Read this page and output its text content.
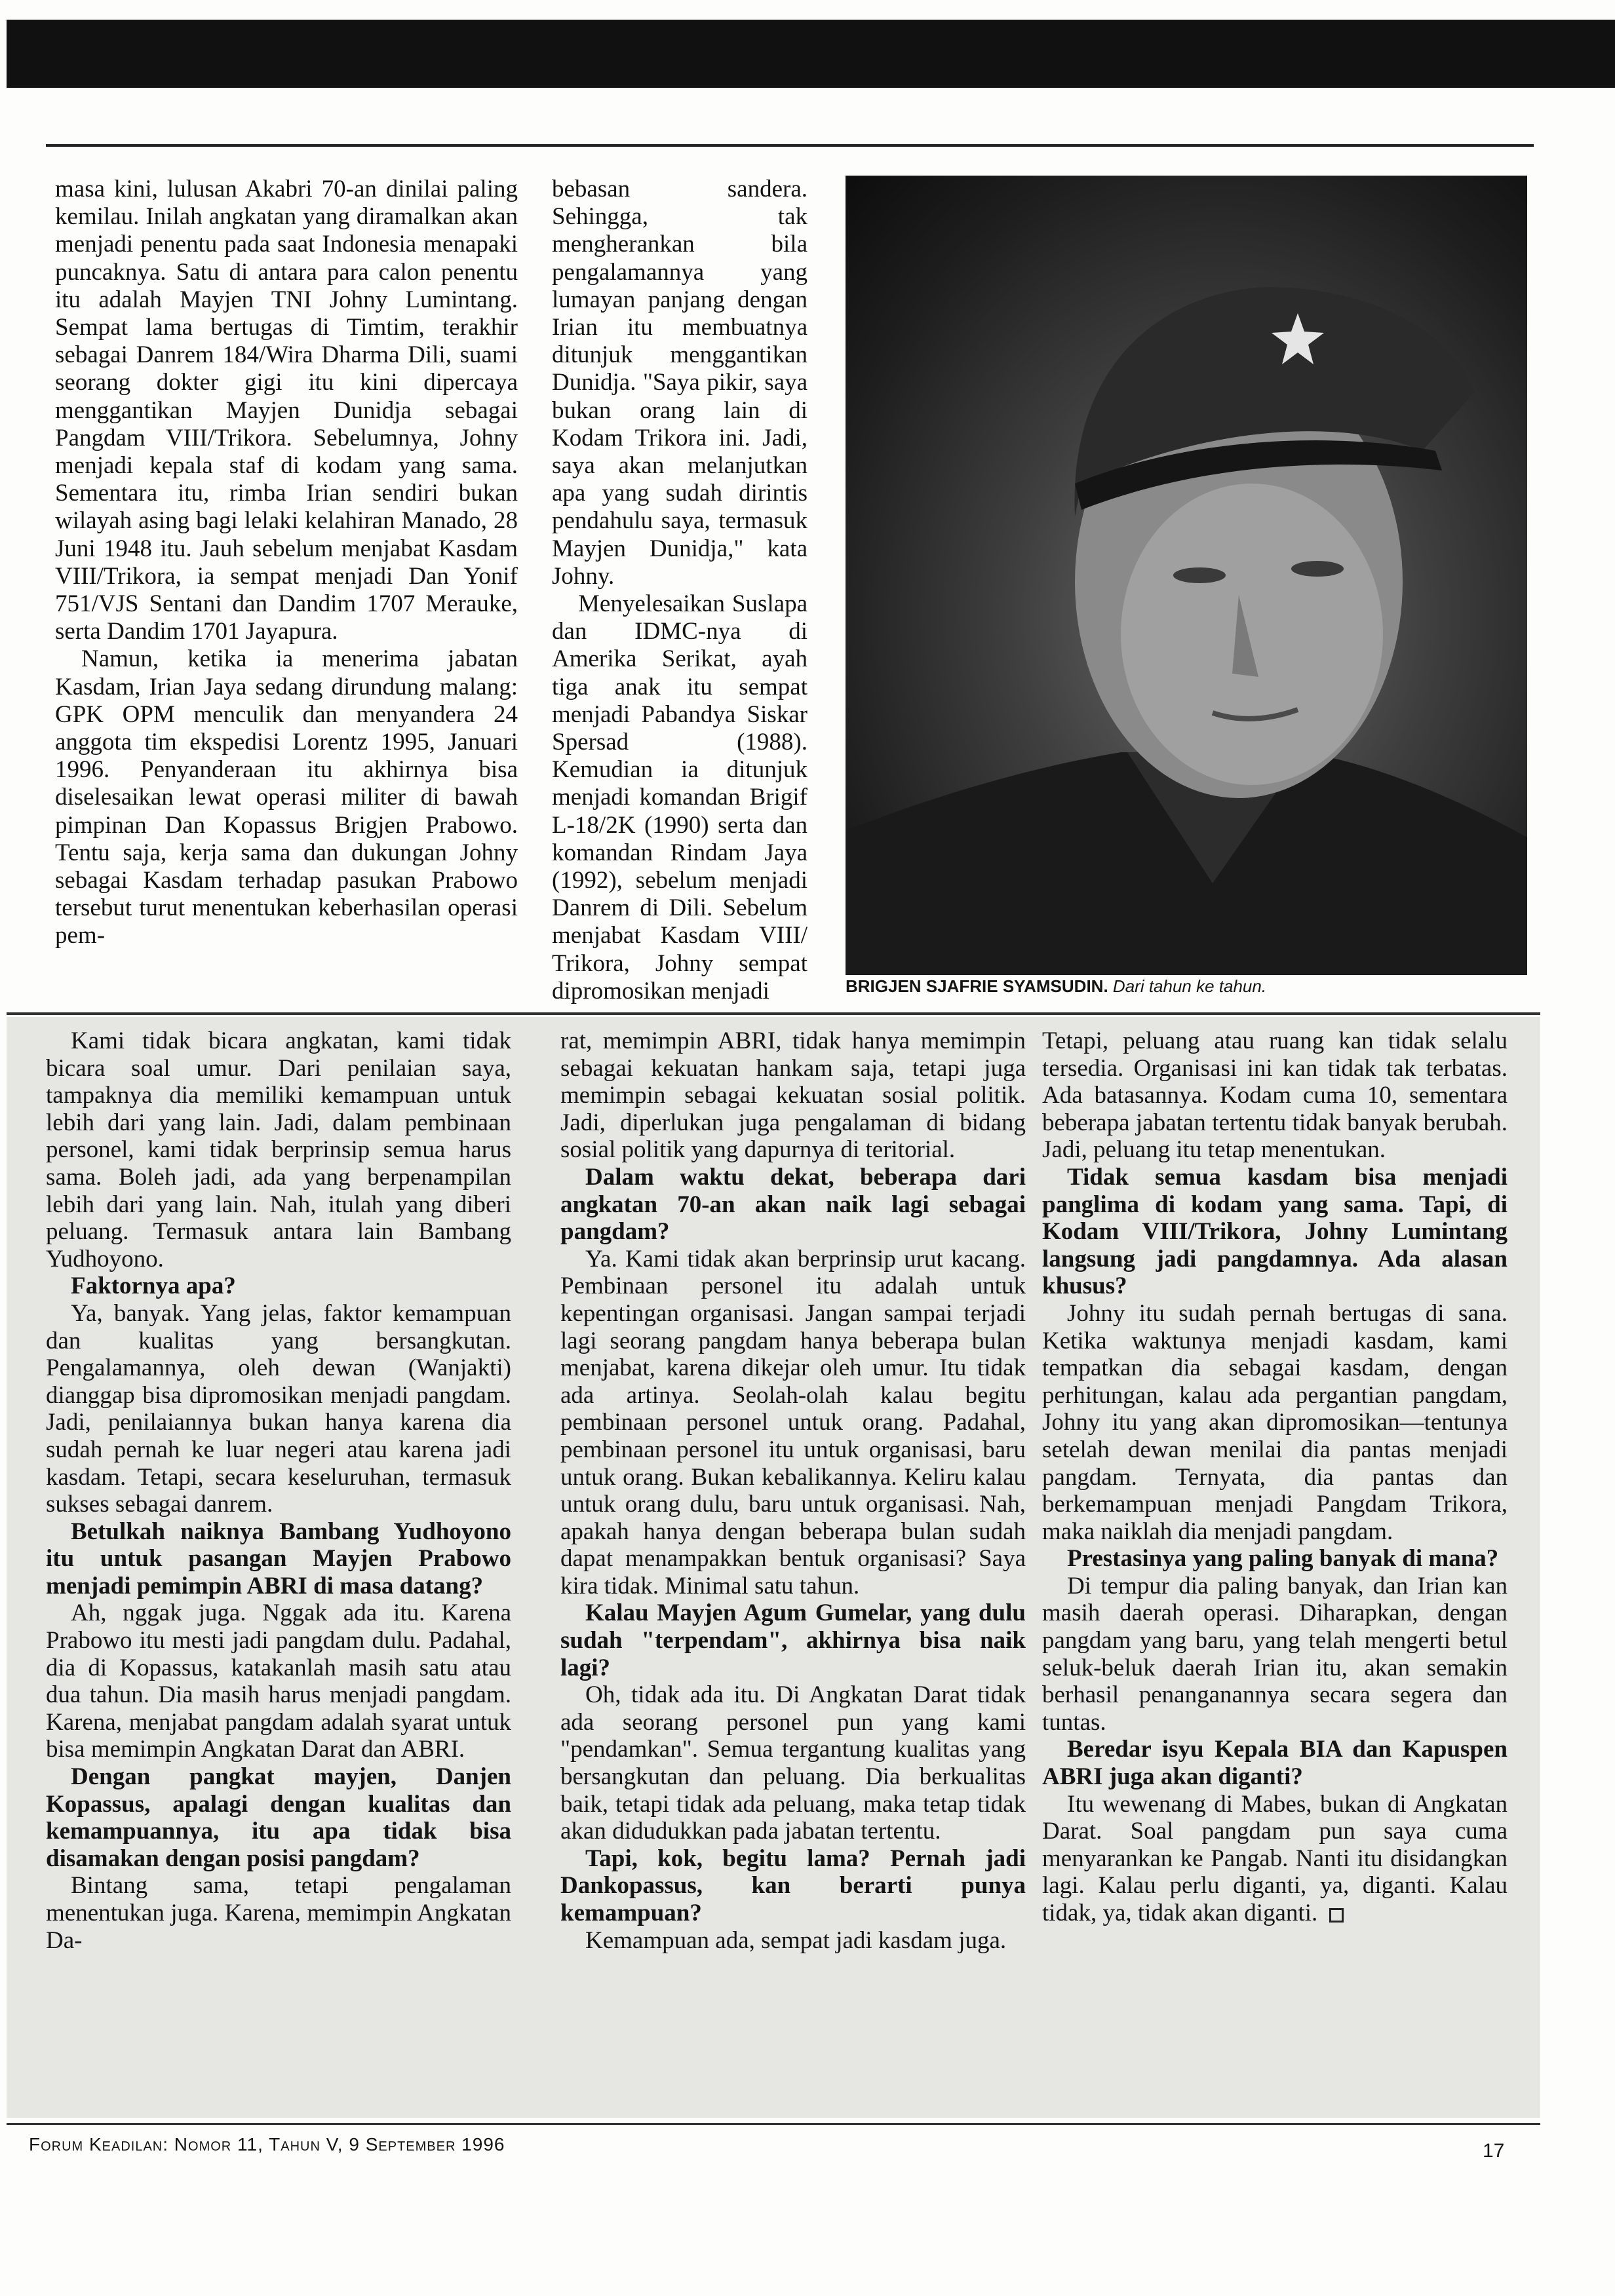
masa kini, lulusan Akabri 70-an dinilai paling kemilau. Inilah angkatan yang diramalkan akan menjadi penentu pada saat Indonesia menapaki puncaknya. Satu di antara para calon penentu itu adalah Mayjen TNI Johny Lumintang. Sempat lama bertugas di Timtim, terakhir sebagai Danrem 184/Wira Dharma Dili, suami seorang dokter gigi itu kini dipercaya menggantikan Mayjen Dunidja sebagai Pangdam VIII/Trikora. Sebelumnya, Johny menjadi kepala staf di kodam yang sama. Sementara itu, rimba Irian sendiri bukan wilayah asing bagi lelaki kelahiran Manado, 28 Juni 1948 itu. Jauh sebelum menjabat Kasdam VIII/Trikora, ia sempat menjadi Dan Yonif 751/VJS Sentani dan Dandim 1707 Merauke, serta Dandim 1701 Jayapura.

Namun, ketika ia menerima jabatan Kasdam, Irian Jaya sedang dirundung malang: GPK OPM menculik dan menyandera 24 anggota tim ekspedisi Lorentz 1995, Januari 1996. Penyanderaan itu akhirnya bisa diselesaikan lewat operasi militer di bawah pimpinan Dan Kopassus Brigjen Prabowo. Tentu saja, kerja sama dan dukungan Johny sebagai Kasdam terhadap pasukan Prabowo tersebut turut menentukan keberhasilan operasi pem-

bebasan sandera. Sehingga, tak mengherankan bila pengalamannya yang lumayan panjang dengan Irian itu membuatnya ditunjuk menggantikan Dunidja. "Saya pikir, saya bukan orang lain di Kodam Trikora ini. Jadi, saya akan melanjutkan apa yang sudah dirintis pendahulu saya, termasuk Mayjen Dunidja," kata Johny.

Menyelesaikan Suslapa dan IDMC-nya di Amerika Serikat, ayah tiga anak itu sempat menjadi Pabandya Siskar Spersad (1988). Kemudian ia ditunjuk menjadi komandan Brigif L-18/2K (1990) serta dan komandan Rindam Jaya (1992), sebelum menjadi Danrem di Dili. Sebelum menjabat Kasdam VIII/ Trikora, Johny sempat dipromosikan menjadi	BRIGJEN SJAFRIE SYAMSUDIN. Dari tahun ke tahun.

Kami tidak bicara angkatan, kami tidak bicara soal umur. Dari penilaian saya, tampaknya dia memiliki kemampuan untuk lebih dari yang lain. Jadi, dalam pembinaan personel, kami tidak berprinsip semua harus sama. Boleh jadi, ada yang berpenampilan lebih dari yang lain. Nah, itulah yang diberi peluang. Termasuk antara lain Bambang Yudhoyono.

Faktornya apa?

Ya, banyak. Yang jelas, faktor kemampuan dan kualitas yang bersangkutan. Pengalamannya, oleh dewan (Wanjakti) dianggap bisa dipromosikan menjadi pangdam. Jadi, penilaiannya bukan hanya karena dia sudah pernah ke luar negeri atau karena jadi kasdam. Tetapi, secara keseluruhan, termasuk sukses sebagai danrem.

Betulkah naiknya Bambang Yudhoyono itu untuk pasangan Mayjen Prabowo menjadi pemimpin ABRI di masa datang?

Ah, nggak juga. Nggak ada itu. Karena Prabowo itu mesti jadi pangdam dulu. Padahal, dia di Kopassus, katakanlah masih satu atau dua tahun. Dia masih harus menjadi pangdam. Karena, menjabat pangdam adalah syarat untuk bisa memimpin Angkatan Darat dan ABRI.

Dengan pangkat mayjen, Danjen Kopassus, apalagi dengan kualitas dan kemampuannya, itu apa tidak bisa disamakan dengan posisi pangdam?

Bintang sama, tetapi pengalaman menentukan juga. Karena, memimpin Angkatan Da-

rat, memimpin ABRI, tidak hanya memimpin sebagai kekuatan hankam saja, tetapi juga memimpin sebagai kekuatan sosial politik. Jadi, diperlukan juga pengalaman di bidang sosial politik yang dapurnya di teritorial.

Dalam waktu dekat, beberapa dari angkatan 70-an akan naik lagi sebagai pangdam?

Ya. Kami tidak akan berprinsip urut kacang. Pembinaan personel itu adalah untuk kepentingan organisasi. Jangan sampai terjadi lagi seorang pangdam hanya beberapa bulan menjabat, karena dikejar oleh umur. Itu tidak ada artinya. Seolah-olah kalau begitu pembinaan personel untuk orang. Padahal, pembinaan personel itu untuk organisasi, baru untuk orang. Bukan kebalikannya. Keliru kalau untuk orang dulu, baru untuk organisasi. Nah, apakah hanya dengan beberapa bulan sudah dapat menampakkan bentuk organisasi? Saya kira tidak. Minimal satu tahun.

Kalau Mayjen Agum Gumelar, yang dulu sudah "terpendam", akhirnya bisa naik lagi?

Oh, tidak ada itu. Di Angkatan Darat tidak ada seorang personel pun yang kami "pendamkan". Semua tergantung kualitas yang bersangkutan dan peluang. Dia berkualitas baik, tetapi tidak ada peluang, maka tetap tidak akan didudukkan pada jabatan tertentu.

Tapi, kok, begitu lama? Pernah jadi Dankopassus, kan berarti punya kemampuan?

Kemampuan ada, sempat jadi kasdam juga.

Tetapi, peluang atau ruang kan tidak selalu tersedia. Organisasi ini kan tidak tak terbatas. Ada batasannya. Kodam cuma 10, sementara beberapa jabatan tertentu tidak banyak berubah. Jadi, peluang itu tetap menentukan.

Tidak semua kasdam bisa menjadi panglima di kodam yang sama. Tapi, di Kodam VIII/Trikora, Johny Lumintang langsung jadi pangdamnya. Ada alasan khusus?

Johny itu sudah pernah bertugas di sana. Ketika waktunya menjadi kasdam, kami tempatkan dia sebagai kasdam, dengan perhitungan, kalau ada pergantian pangdam, Johny itu yang akan dipromosikan—tentunya setelah dewan menilai dia pantas menjadi pangdam. Ternyata, dia pantas dan berkemampuan menjadi Pangdam Trikora, maka naiklah dia menjadi pangdam.

Prestasinya yang paling banyak di mana?

Di tempur dia paling banyak, dan Irian kan masih daerah operasi. Diharapkan, dengan pangdam yang baru, yang telah mengerti betul seluk-beluk daerah Irian itu, akan semakin berhasil penanganannya secara segera dan tuntas.

Beredar isyu Kepala BIA dan Kapuspen ABRI juga akan diganti?

Itu wewenang di Mabes, bukan di Angkatan Darat. Soal pangdam pun saya cuma menyarankan ke Pangab. Nanti itu disidangkan lagi. Kalau perlu diganti, ya, diganti. Kalau tidak, ya, tidak akan diganti.

Forum Keadilan: Nomor 11, Tahun V, 9 September 1996	17
